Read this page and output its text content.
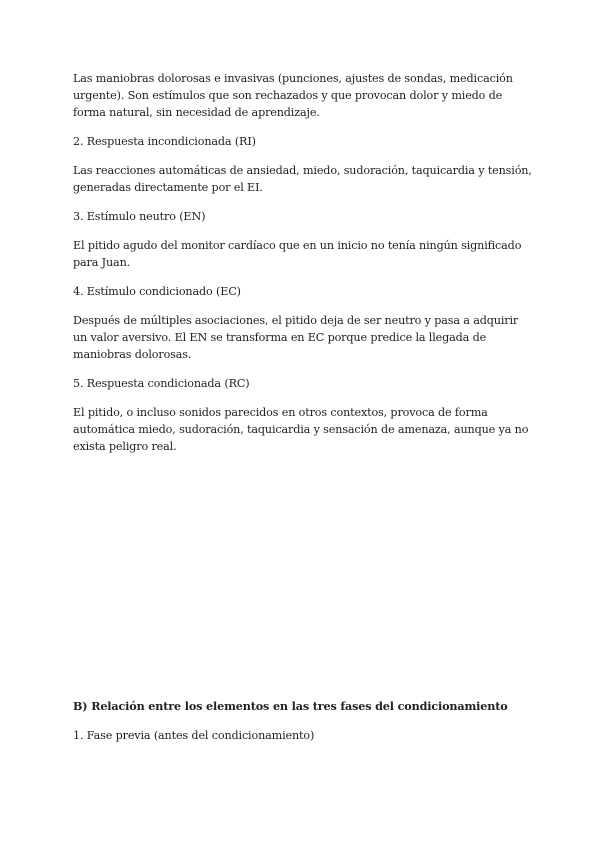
Las maniobras dolorosas e invasivas (punciones, ajustes de sondas, medicación urgente). Son estímulos que son rechazados y que provocan dolor y miedo de forma natural, sin necesidad de aprendizaje.

2. Respuesta incondicionada (RI)

Las reacciones automáticas de ansiedad, miedo, sudoración, taquicardia y tensión, generadas directamente por el EI.

3. Estímulo neutro (EN)

El pitido agudo del monitor cardíaco que en un inicio no tenía ningún significado para Juan.

4. Estímulo condicionado (EC)

Después de múltiples asociaciones, el pitido deja de ser neutro y pasa a adquirir un valor aversivo. El EN se transforma en EC porque predice la llegada de maniobras dolorosas.

5. Respuesta condicionada (RC)

El pitido, o incluso sonidos parecidos en otros contextos, provoca de forma automática miedo, sudoración, taquicardia y sensación de amenaza, aunque ya no exista peligro real.

B) Relación entre los elementos en las tres fases del condicionamiento

1. Fase previa (antes del condicionamiento)
